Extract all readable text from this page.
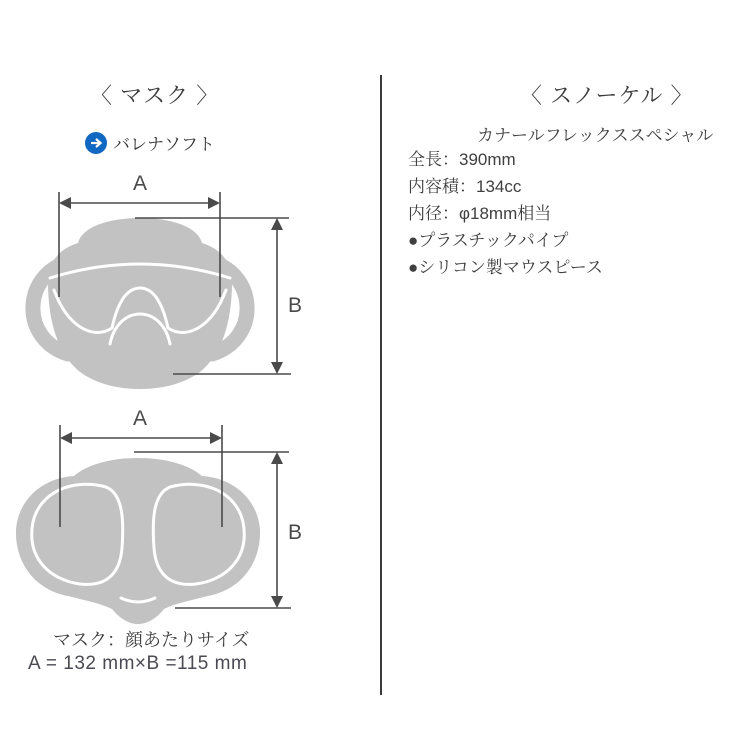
〈 マスク 〉
バレナソフト
A
B
A
B
マスク：顔あたりサイズ
A = 132 mm×B =115 mm
〈 スノーケル 〉
カナールフレックススペシャル
全長：390mm
内容積：134cc
内径：φ18mm相当
●プラスチックパイプ
●シリコン製マウスピース
